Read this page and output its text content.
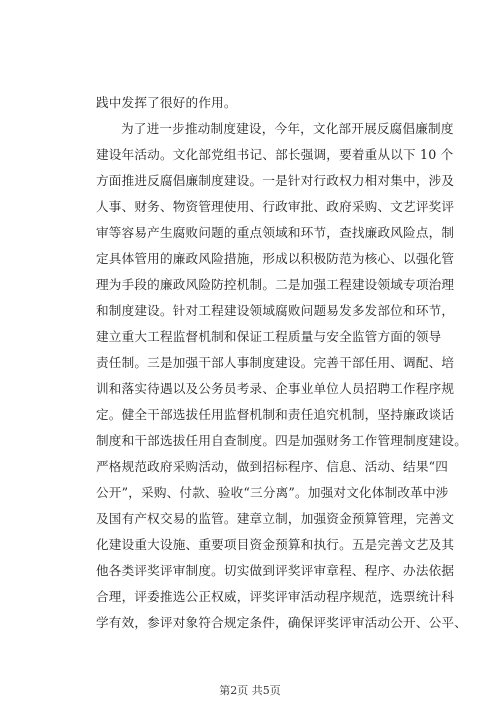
践中发挥了很好的作用。
为了进一步推动制度建设，今年，文化部开展反腐倡廉制度
建设年活动。文化部党组书记、部长强调，要着重从以下 10 个
方面推进反腐倡廉制度建设。一是针对行政权力相对集中，涉及
人事、财务、物资管理使用、行政审批、政府采购、文艺评奖评
审等容易产生腐败问题的重点领域和环节，查找廉政风险点，制
定具体管用的廉政风险措施，形成以积极防范为核心、以强化管
理为手段的廉政风险防控机制。二是加强工程建设领域专项治理
和制度建设。针对工程建设领域腐败问题易发多发部位和环节，
建立重大工程监督机制和保证工程质量与安全监管方面的领导
责任制。三是加强干部人事制度建设。完善干部任用、调配、培
训和落实待遇以及公务员考录、企事业单位人员招聘工作程序规
定。健全干部选拔任用监督机制和责任追究机制，坚持廉政谈话
制度和干部选拔任用自查制度。四是加强财务工作管理制度建设。
严格规范政府采购活动，做到招标程序、信息、活动、结果“四
公开”，采购、付款、验收“三分离”。加强对文化体制改革中涉
及国有产权交易的监管。建章立制，加强资金预算管理，完善文
化建设重大设施、重要项目资金预算和执行。五是完善文艺及其
他各类评奖评审制度。切实做到评奖评审章程、程序、办法依据
合理，评委推选公正权威，评奖评审活动程序规范，选票统计科
学有效，参评对象符合规定条件，确保评奖评审活动公开、公平、
第2页 共5页
